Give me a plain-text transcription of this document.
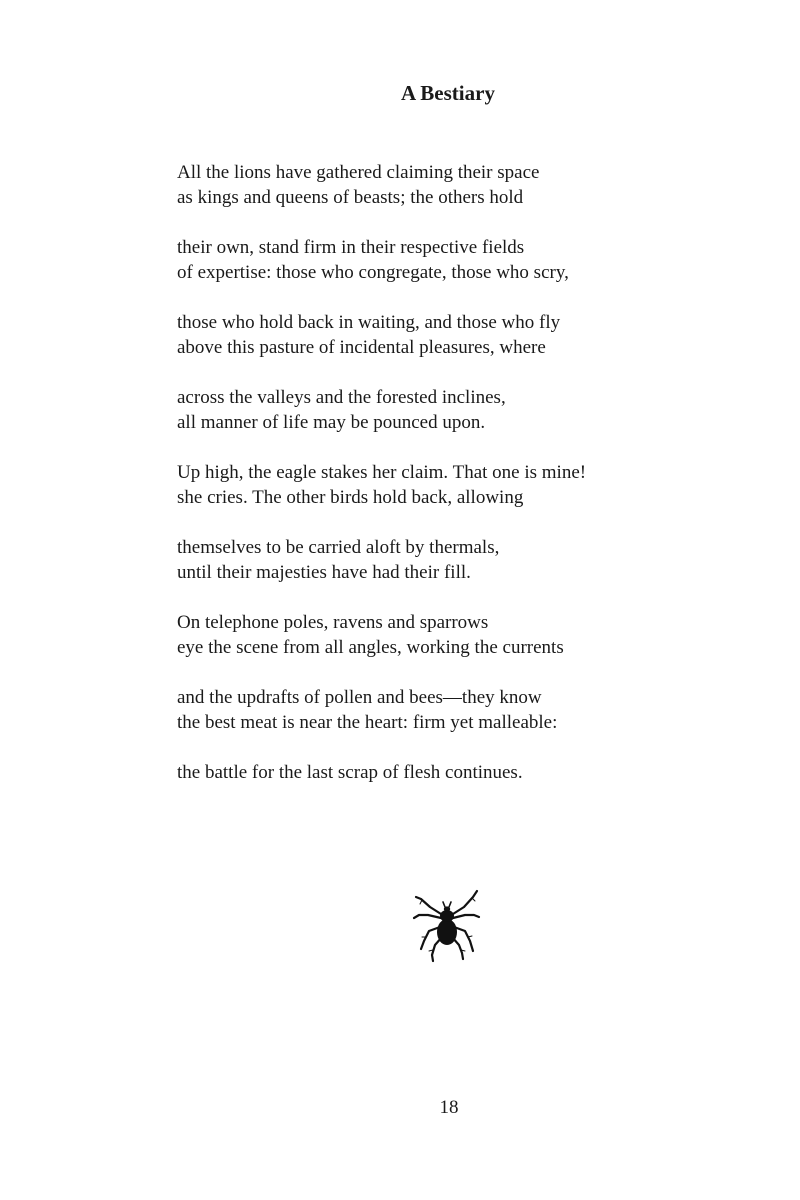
A Bestiary
All the lions have gathered claiming their space
as kings and queens of beasts; the others hold
their own, stand firm in their respective fields
of expertise: those who congregate, those who scry,
those who hold back in waiting, and those who fly
above this pasture of incidental pleasures, where
across the valleys and the forested inclines,
all manner of life may be pounced upon.
Up high, the eagle stakes her claim. That one is mine!
she cries. The other birds hold back, allowing
themselves to be carried aloft by thermals,
until their majesties have had their fill.
On telephone poles, ravens and sparrows
eye the scene from all angles, working the currents
and the updrafts of pollen and bees—they know
the best meat is near the heart: firm yet malleable:
the battle for the last scrap of flesh continues.
18
